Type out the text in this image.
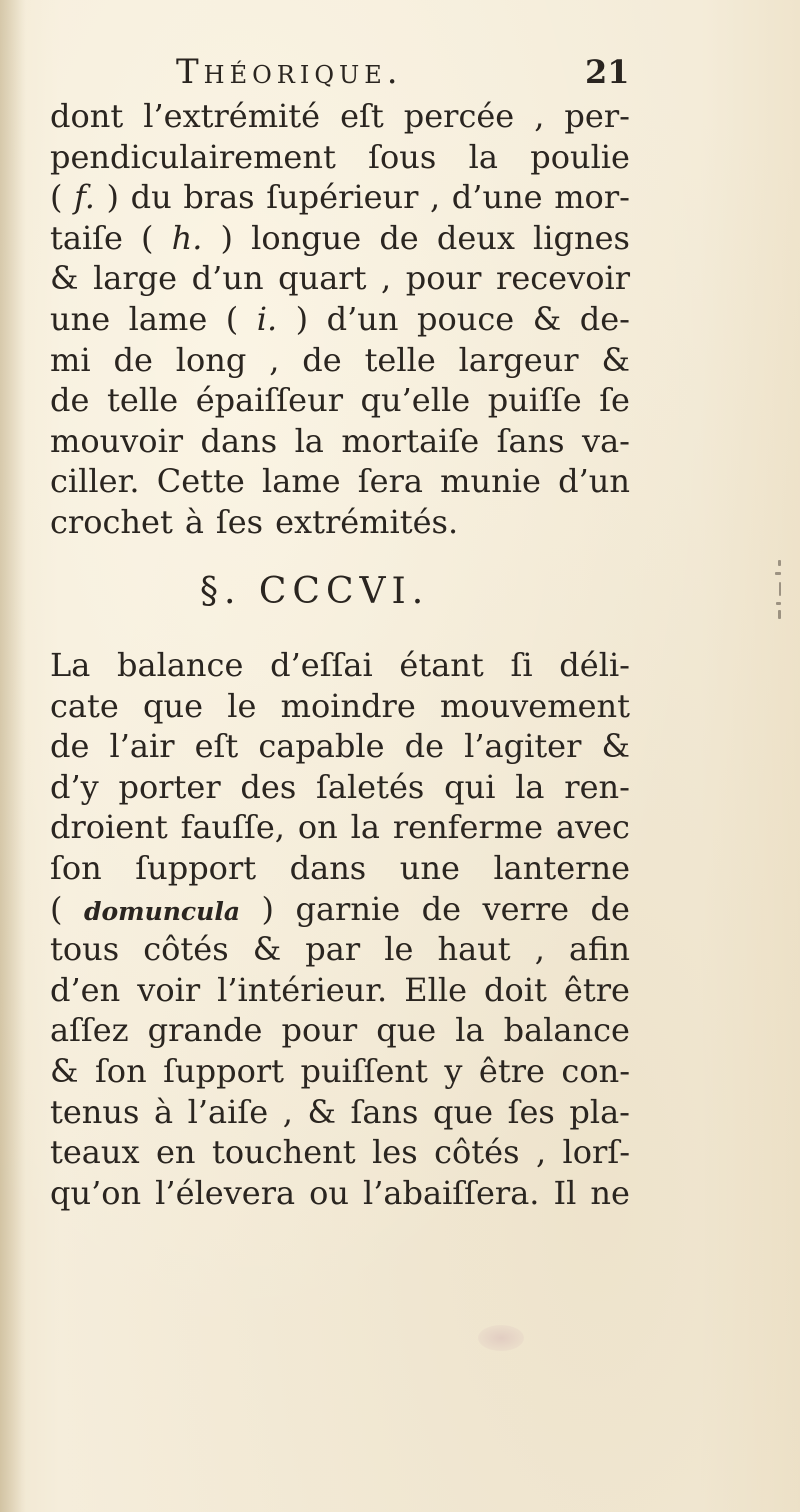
Théorique.	21
dont l’extrémité eſt percée , per-
pendiculairement ſous la poulie
( f. ) du bras ſupérieur , d’une mor-
taiſe ( h. ) longue de deux lignes
& large d’un quart , pour recevoir
une lame ( i. ) d’un pouce & de-
mi de long , de telle largeur &
de telle épaiſſeur qu’elle puiſſe ſe
mouvoir dans la mortaiſe ſans va-
ciller. Cette lame ſera munie d’un
crochet à ſes extrémités.
§. CCCVI.
La balance d’eſſai étant ſi déli-
cate que le moindre mouvement
de l’air eſt capable de l’agiter &
d’y porter des ſaletés qui la ren-
droient fauſſe, on la renferme avec
ſon ſupport dans une lanterne
( domuncula ) garnie de verre de
tous côtés & par le haut , afin
d’en voir l’intérieur. Elle doit être
aſſez grande pour que la balance
& ſon ſupport puiſſent y être con-
tenus à l’aiſe , & ſans que ſes pla-
teaux en touchent les côtés , lorſ-
qu’on l’élevera ou l’abaiſſera. Il ne
